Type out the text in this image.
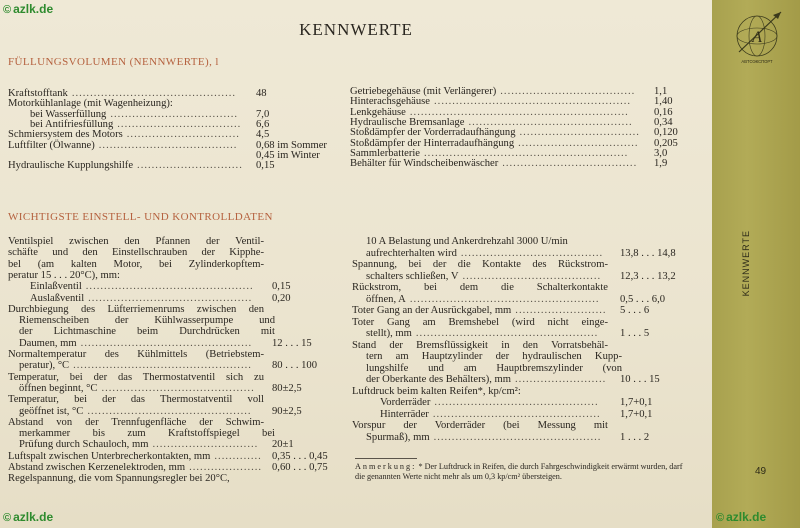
© azlk.de
© azlk.de	© azlk.de
A
ABTOЭКСПОРТ
KENNWERTE
49
KENNWERTE
FÜLLUNGSVOLUMEN (NENNWERTE), l
Kraftstofftank	48
.............................................
Motorkühlanlage (mit Wagenheizung):
bei Wasserfüllung	7,0
...................................
bei Antifriesfüllung	6,6
..................................
Schmiersystem des Motors	4,5
...............................
Luftfilter (Ölwanne)	0,68 im Sommer
......................................
0,45 im Winter
Hydraulische Kupplungshilfe	0,15
.............................
Getriebegehäuse (mit Verlängerer)	1,1
.....................................
Hinterachsgehäuse	1,40
......................................................
Lenkgehäuse	0,16
............................................................
Hydraulische Bremsanlage	0,34
.............................................
Stoßdämpfer der Vorderradaufhängung	0,120
.................................
Stoßdämpfer der Hinterradaufhängung	0,205
.................................
Sammlerbatterie	3,0
........................................................
Behälter für Windscheibenwäscher	1,9
.....................................
WICHTIGSTE EINSTELL- UND KONTROLLDATEN
Ventilspiel zwischen den Pfannen der Ventil-
schäfte und den Einstellschrauben der Kipphe-
bel (am kalten Motor, bei Zylinderkopftem-
peratur 15 . . . 20°C), mm:
Einlaßventil	0,15
..............................................
Auslaßventil	0,20
.............................................
Durchbiegung des Lüfterriemenrums zwischen den
Riemenscheiben der Kühlwasserpumpe und
der Lichtmaschine beim Durchdrücken mit
Daumen, mm	12 . . . 15
...............................................
Normaltemperatur des Kühlmittels (Betriebstem-
peratur), °C	80 . . . 100
.................................................
Temperatur, bei der das Thermostatventil sich zu
öffnen beginnt, °C	80±2,5
..........................................
Temperatur, bei der das Thermostatventil voll
geöffnet ist, °C	90±2,5
.............................................
Abstand von der Trennfugenfläche der Schwim-
merkammer bis zum Kraftstoffspiegel bei
Prüfung durch Schauloch, mm	20±1
.............................
Luftspalt zwischen Unterbrecherkontakten, mm	0,35 . . . 0,45
.............
Abstand zwischen Kerzenelektroden, mm	0,60 . . . 0,75
....................
Regelspannung, die vom Spannungsregler bei 20°C,
10 A Belastung und Ankerdrehzahl 3000 U/min
aufrechterhalten wird	13,8 . . . 14,8
.......................................
Spannung, bei der die Kontakte des Rückstrom-
schalters schließen, V	12,3 . . . 13,2
......................................
Rückstrom, bei dem die Schalterkontakte
öffnen, A	0,5 . . . 6,0
....................................................
Toter Gang an der Ausrückgabel, mm	5 . . . 6
.........................
Toter Gang am Bremshebel (wird nicht einge-
stellt), mm	1 . . . 5
..................................................
Stand der Bremsflüssigkeit in den Vorratsbehäl-
tern am Hauptzylinder der hydraulischen Kupp-
lungshilfe und am Hauptbremszylinder (von
der Oberkante des Behälters), mm	10 . . . 15
.........................
Luftdruck beim kalten Reifen*, kp/cm²:
Vorderräder	1,7+0,1
.............................................
Hinterräder	1,7+0,1
..............................................
Vorspur der Vorderräder (bei Messung mit
Spurmaß), mm	1 . . . 2
..............................................
Anmerkung: * Der Luftdruck in Reifen, die durch Fahrgeschwindigkeit erwärmt wurden, darf die genannten Werte nicht mehr als um 0,3 kp/cm² übersteigen.
